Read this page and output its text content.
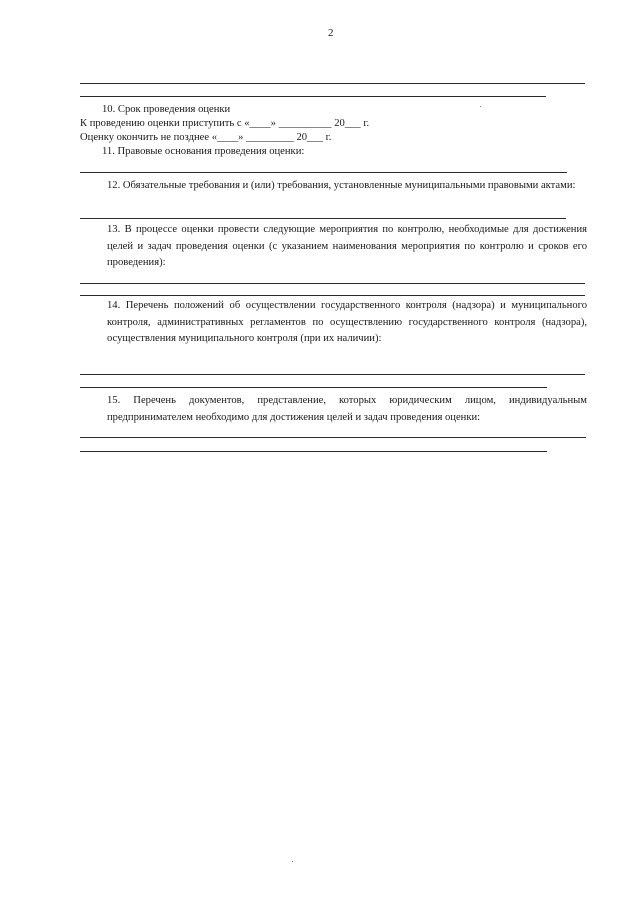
2
10. Срок проведения оценки
К проведению оценки приступить с «____» __________ 20___ г.
Оценку окончить не позднее «____» _________ 20___ г.
11. Правовые основания проведения оценки:
12. Обязательные требования и (или) требования, установленные муниципальными правовыми актами:
13. В процессе оценки провести следующие мероприятия по контролю, необходимые для достижения целей и задач проведения оценки (с указанием наименования мероприятия по контролю и сроков его проведения):
14. Перечень положений об осуществлении государственного контроля (надзора) и муниципального контроля, административных регламентов по осуществлению государственного контроля (надзора), осуществления муниципального контроля (при их наличии):
15. Перечень документов, представление, которых юридическим лицом, индивидуальным предпринимателем необходимо для достижения целей и задач проведения оценки:
